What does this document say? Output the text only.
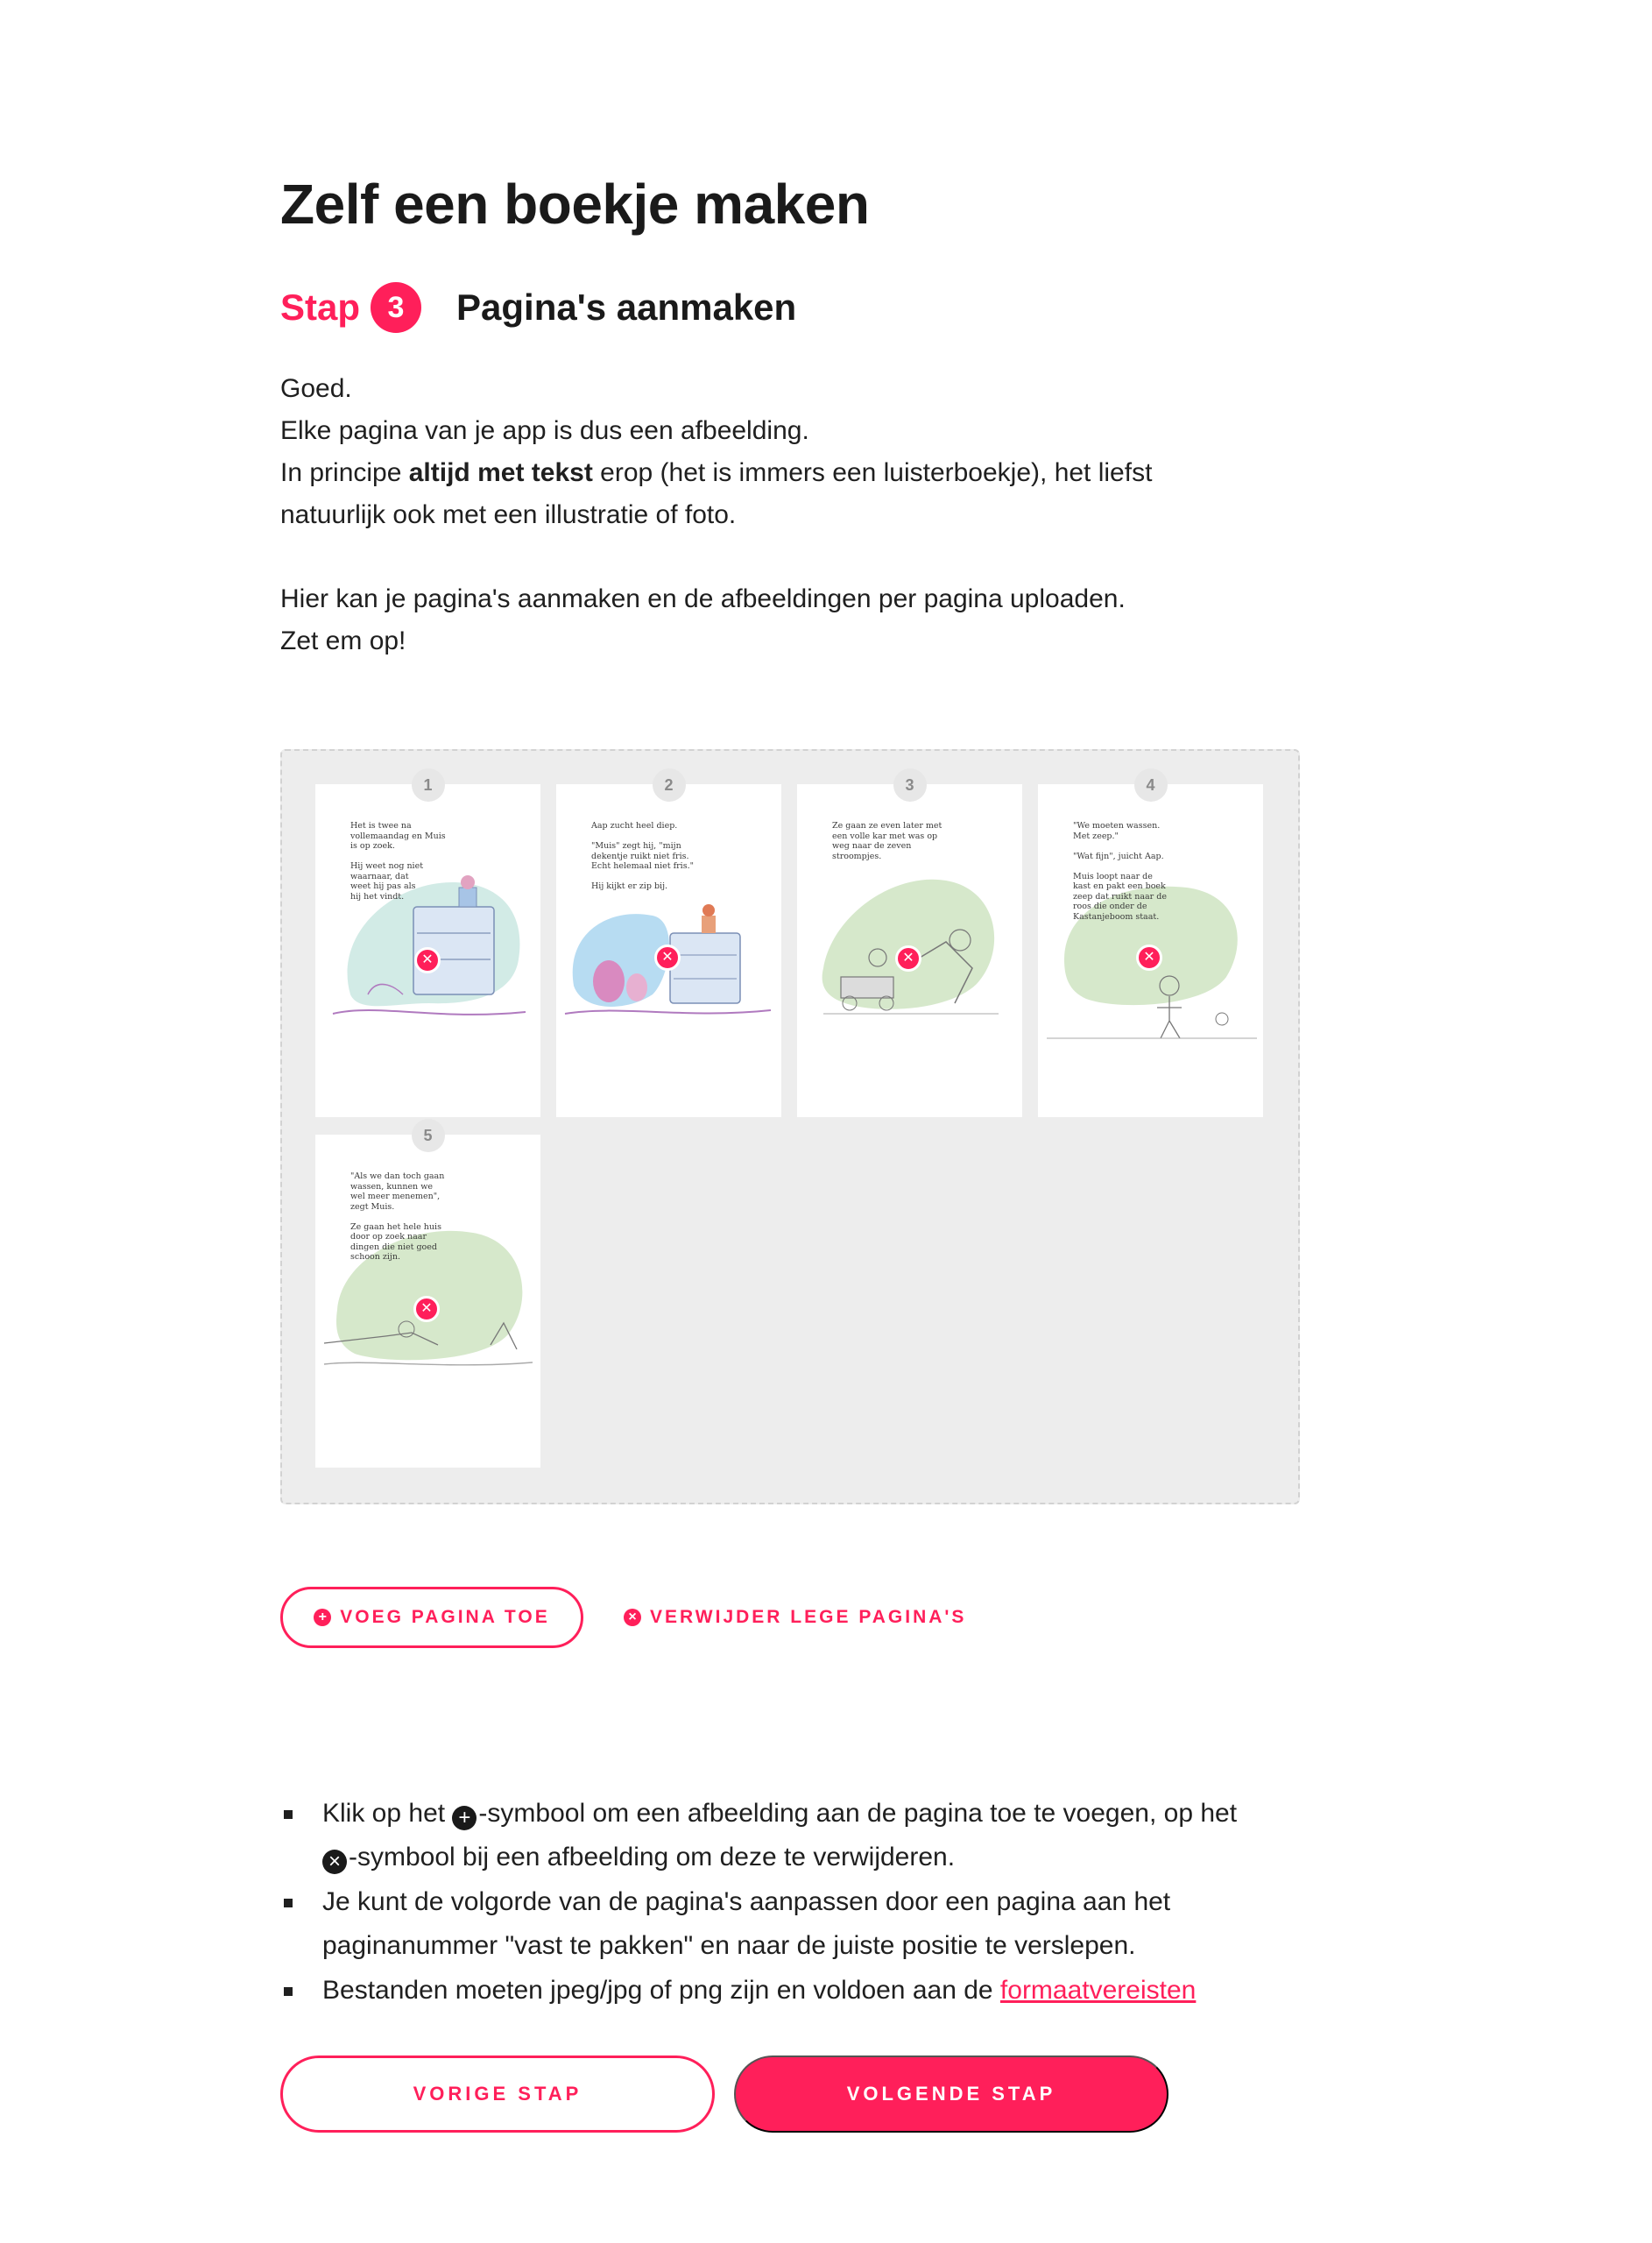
Zelf een boekje maken
Stap 3	Pagina's aanmaken

Goed.

Elke pagina van je app is dus een afbeelding.

In principe altijd met tekst erop (het is immers een luisterboekje), het liefst

natuurlijk ook met een illustratie of foto.

Hier kan je pagina's aanmaken en de afbeeldingen per pagina uploaden.

Zet em op!

1
Het is twee na
vollemaandag en Muis
is op zoek.

Hij weet nog niet
waarnaar, dat
weet hij pas als
hij het vindt.
✕
2
Aap zucht heel diep.

"Muis" zegt hij, "mijn
dekentje ruikt niet fris.
Echt helemaal niet fris."

Hij kijkt er zip bij.
✕
3
Ze gaan ze even later met
een volle kar met was op
weg naar de zeven
stroompjes.
✕
4
"We moeten wassen.
Met zeep."

"Wat fijn", juicht Aap.

Muis loopt naar de
kast en pakt een boek
zeep dat ruikt naar de
roos die onder de
Kastanjeboom staat.
✕
5
"Als we dan toch gaan
wassen, kunnen we
wel meer menemen",
zegt Muis.

Ze gaan het hele huis
door op zoek naar
dingen die niet goed
schoon zijn.
✕
+ VOEG PAGINA TOE	× VERWIJDER LEGE PAGINA'S
Klik op het + -symbool om een afbeelding aan de pagina toe te voegen, op het
× -symbool bij een afbeelding om deze te verwijderen.
Je kunt de volgorde van de pagina's aanpassen door een pagina aan het paginanummer "vast te pakken" en naar de juiste positie te verslepen.
Bestanden moeten jpeg/jpg of png zijn en voldoen aan de formaatvereisten
VORIGE STAP	VOLGENDE STAP
